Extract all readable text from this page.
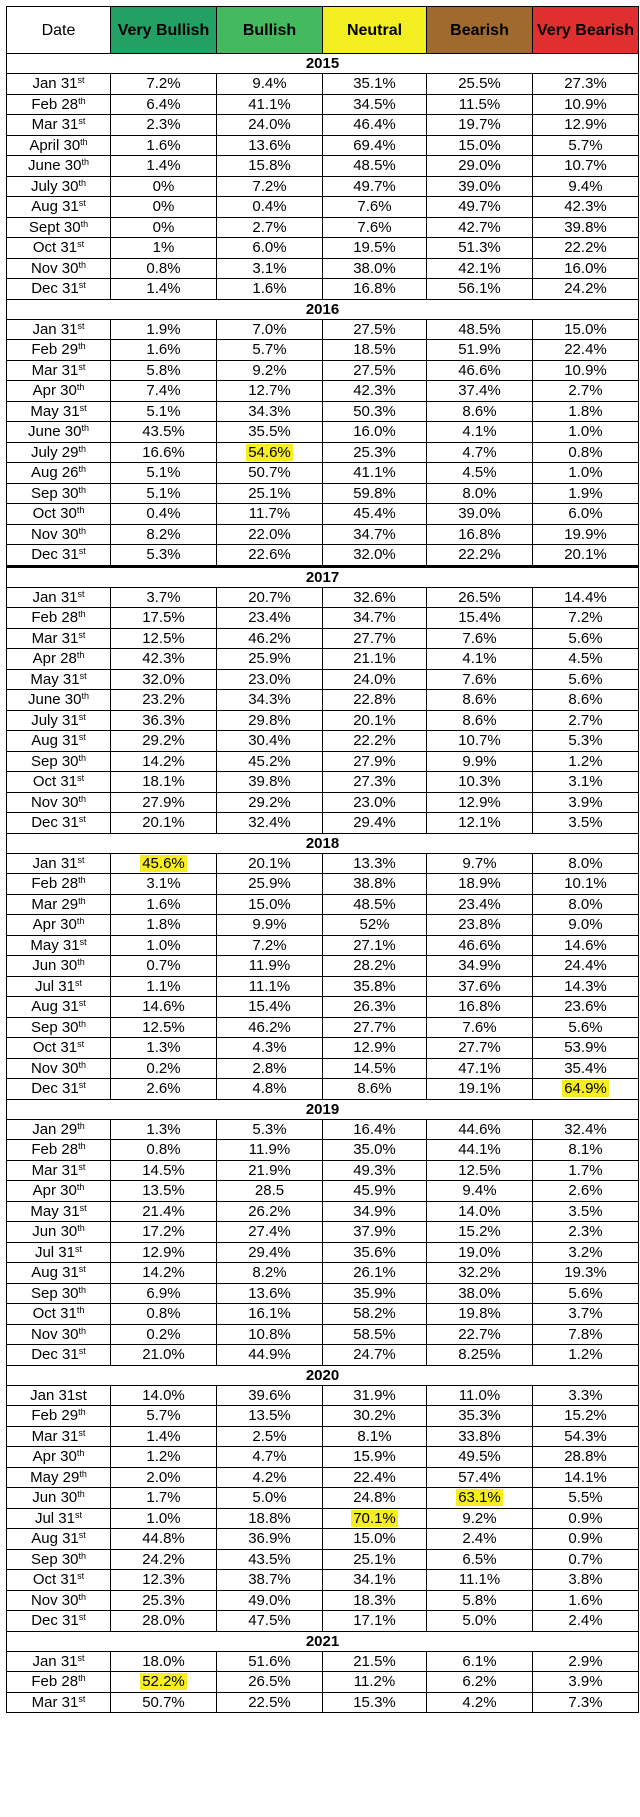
Date	Very Bullish	Bullish	Neutral	Bearish	Very Bearish
2015					
Jan 31st	7.2%	9.4%	35.1%	25.5%	27.3%
Feb 28th	6.4%	41.1%	34.5%	11.5%	10.9%
Mar 31st	2.3%	24.0%	46.4%	19.7%	12.9%
April 30th	1.6%	13.6%	69.4%	15.0%	5.7%
June 30th	1.4%	15.8%	48.5%	29.0%	10.7%
July 30th	0%	7.2%	49.7%	39.0%	9.4%
Aug 31st	0%	0.4%	7.6%	49.7%	42.3%
Sept 30th	0%	2.7%	7.6%	42.7%	39.8%
Oct 31st	1%	6.0%	19.5%	51.3%	22.2%
Nov 30th	0.8%	3.1%	38.0%	42.1%	16.0%
Dec 31st	1.4%	1.6%	16.8%	56.1%	24.2%
2016					
Jan 31st	1.9%	7.0%	27.5%	48.5%	15.0%
Feb 29th	1.6%	5.7%	18.5%	51.9%	22.4%
Mar 31st	5.8%	9.2%	27.5%	46.6%	10.9%
Apr 30th	7.4%	12.7%	42.3%	37.4%	2.7%
May 31st	5.1%	34.3%	50.3%	8.6%	1.8%
June 30th	43.5%	35.5%	16.0%	4.1%	1.0%
July 29th	16.6%	54.6%	25.3%	4.7%	0.8%
Aug 26th	5.1%	50.7%	41.1%	4.5%	1.0%
Sep 30th	5.1%	25.1%	59.8%	8.0%	1.9%
Oct 30th	0.4%	11.7%	45.4%	39.0%	6.0%
Nov 30th	8.2%	22.0%	34.7%	16.8%	19.9%
Dec 31st	5.3%	22.6%	32.0%	22.2%	20.1%
2017					
Jan 31st	3.7%	20.7%	32.6%	26.5%	14.4%
Feb 28th	17.5%	23.4%	34.7%	15.4%	7.2%
Mar 31st	12.5%	46.2%	27.7%	7.6%	5.6%
Apr 28th	42.3%	25.9%	21.1%	4.1%	4.5%
May 31st	32.0%	23.0%	24.0%	7.6%	5.6%
June 30th	23.2%	34.3%	22.8%	8.6%	8.6%
July 31st	36.3%	29.8%	20.1%	8.6%	2.7%
Aug 31st	29.2%	30.4%	22.2%	10.7%	5.3%
Sep 30th	14.2%	45.2%	27.9%	9.9%	1.2%
Oct 31st	18.1%	39.8%	27.3%	10.3%	3.1%
Nov 30th	27.9%	29.2%	23.0%	12.9%	3.9%
Dec 31st	20.1%	32.4%	29.4%	12.1%	3.5%
2018					
Jan 31st	45.6%	20.1%	13.3%	9.7%	8.0%
Feb 28th	3.1%	25.9%	38.8%	18.9%	10.1%
Mar 29th	1.6%	15.0%	48.5%	23.4%	8.0%
Apr 30th	1.8%	9.9%	52%	23.8%	9.0%
May 31st	1.0%	7.2%	27.1%	46.6%	14.6%
Jun 30th	0.7%	11.9%	28.2%	34.9%	24.4%
Jul 31st	1.1%	11.1%	35.8%	37.6%	14.3%
Aug 31st	14.6%	15.4%	26.3%	16.8%	23.6%
Sep 30th	12.5%	46.2%	27.7%	7.6%	5.6%
Oct 31st	1.3%	4.3%	12.9%	27.7%	53.9%
Nov 30th	0.2%	2.8%	14.5%	47.1%	35.4%
Dec 31st	2.6%	4.8%	8.6%	19.1%	64.9%
2019					
Jan 29th	1.3%	5.3%	16.4%	44.6%	32.4%
Feb 28th	0.8%	11.9%	35.0%	44.1%	8.1%
Mar 31st	14.5%	21.9%	49.3%	12.5%	1.7%
Apr 30th	13.5%	28.5	45.9%	9.4%	2.6%
May 31st	21.4%	26.2%	34.9%	14.0%	3.5%
Jun 30th	17.2%	27.4%	37.9%	15.2%	2.3%
Jul 31st	12.9%	29.4%	35.6%	19.0%	3.2%
Aug 31st	14.2%	8.2%	26.1%	32.2%	19.3%
Sep 30th	6.9%	13.6%	35.9%	38.0%	5.6%
Oct 31th	0.8%	16.1%	58.2%	19.8%	3.7%
Nov 30th	0.2%	10.8%	58.5%	22.7%	7.8%
Dec 31st	21.0%	44.9%	24.7%	8.25%	1.2%
2020					
Jan 31st	14.0%	39.6%	31.9%	11.0%	3.3%
Feb 29th	5.7%	13.5%	30.2%	35.3%	15.2%
Mar 31st	1.4%	2.5%	8.1%	33.8%	54.3%
Apr 30th	1.2%	4.7%	15.9%	49.5%	28.8%
May 29th	2.0%	4.2%	22.4%	57.4%	14.1%
Jun 30th	1.7%	5.0%	24.8%	63.1%	5.5%
Jul 31st	1.0%	18.8%	70.1%	9.2%	0.9%
Aug 31st	44.8%	36.9%	15.0%	2.4%	0.9%
Sep 30th	24.2%	43.5%	25.1%	6.5%	0.7%
Oct 31st	12.3%	38.7%	34.1%	11.1%	3.8%
Nov 30th	25.3%	49.0%	18.3%	5.8%	1.6%
Dec 31st	28.0%	47.5%	17.1%	5.0%	2.4%
2021					
Jan 31st	18.0%	51.6%	21.5%	6.1%	2.9%
Feb 28th	52.2%	26.5%	11.2%	6.2%	3.9%
Mar 31st	50.7%	22.5%	15.3%	4.2%	7.3%
